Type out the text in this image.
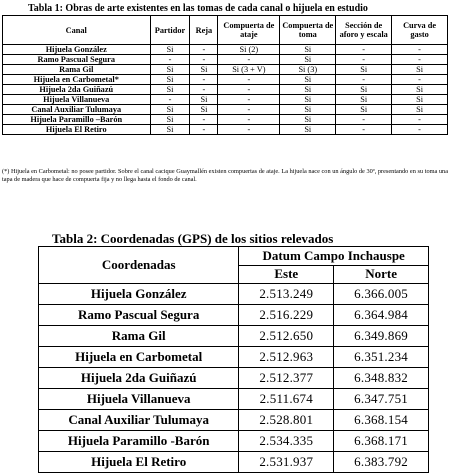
Tabla 1: Obras de arte existentes en las tomas de cada canal o hijuela en estudio
Canal	Partidor	Reja	Compuerta de ataje	Compuerta de toma	Sección de aforo y escala	Curva de gasto
Hijuela González	Si	-	Si (2)	Si	-	-
Ramo Pascual Segura	-	-	-	Si	-	-
Rama Gil	Si	Si	Si (3 + V)	Si (3)	Si	Si
Hijuela en Carbometal*	Si	-	-	Si	-	-
Hijuela 2da Guiñazú	Si	-	-	Si	Si	Si
Hijuela Villanueva	-	Si	-	Si	Si	Si
Canal Auxiliar Tulumaya	Si	Si	-	Si	Si	Si
Hijuela Paramillo –Barón	Si	-	-	Si	-	-
Hijuela El Retiro	Si	-	-	Si	-	-
(*) Hijuela en Carbometal: no posee partidor. Sobre el canal cacique Guaymallén existen compuertas de ataje. La hijuela nace con un ángulo de 30º, presentando en su toma una tapa de madera que hace de compuerta fija y no llega hasta el fondo de canal.
Tabla 2: Coordenadas (GPS) de los sitios relevados
Coordenadas	Datum Campo Inchauspe	
	Este	Norte
Hijuela González	2.513.249	6.366.005
Ramo Pascual Segura	2.516.229	6.364.984
Rama Gil	2.512.650	6.349.869
Hijuela en Carbometal	2.512.963	6.351.234
Hijuela 2da Guiñazú	2.512.377	6.348.832
Hijuela Villanueva	2.511.674	6.347.751
Canal Auxiliar Tulumaya	2.528.801	6.368.154
Hijuela Paramillo -Barón	2.534.335	6.368.171
Hijuela El Retiro	2.531.937	6.383.792
